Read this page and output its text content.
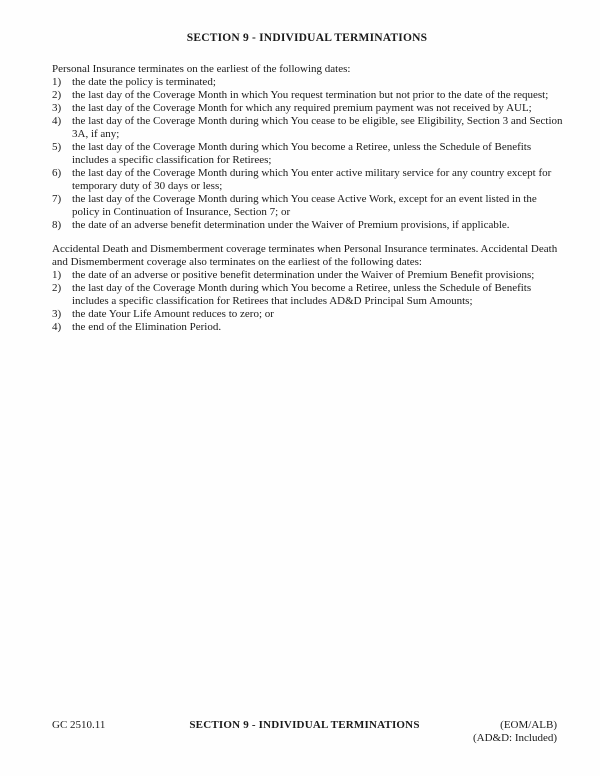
SECTION 9 - INDIVIDUAL TERMINATIONS

Personal Insurance terminates on the earliest of the following dates:

1) the date the policy is terminated;
2) the last day of the Coverage Month in which You request termination but not prior to the date of the request;
3) the last day of the Coverage Month for which any required premium payment was not received by AUL;
4) the last day of the Coverage Month during which You cease to be eligible, see Eligibility, Section 3 and Section 3A, if any;
5) the last day of the Coverage Month during which You become a Retiree, unless the Schedule of Benefits includes a specific classification for Retirees;
6) the last day of the Coverage Month during which You enter active military service for any country except for temporary duty of 30 days or less;
7) the last day of the Coverage Month during which You cease Active Work, except for an event listed in the policy in Continuation of Insurance, Section 7; or
8) the date of an adverse benefit determination under the Waiver of Premium provisions, if applicable.

Accidental Death and Dismemberment coverage terminates when Personal Insurance terminates. Accidental Death and Dismemberment coverage also terminates on the earliest of the following dates:

1) the date of an adverse or positive benefit determination under the Waiver of Premium Benefit provisions;
2) the last day of the Coverage Month during which You become a Retiree, unless the Schedule of Benefits includes a specific classification for Retirees that includes AD&D Principal Sum Amounts;
3) the date Your Life Amount reduces to zero; or
4) the end of the Elimination Period.
GC 2510.11	SECTION 9 - INDIVIDUAL TERMINATIONS	(EOM/ALB)
(AD&D: Included)
